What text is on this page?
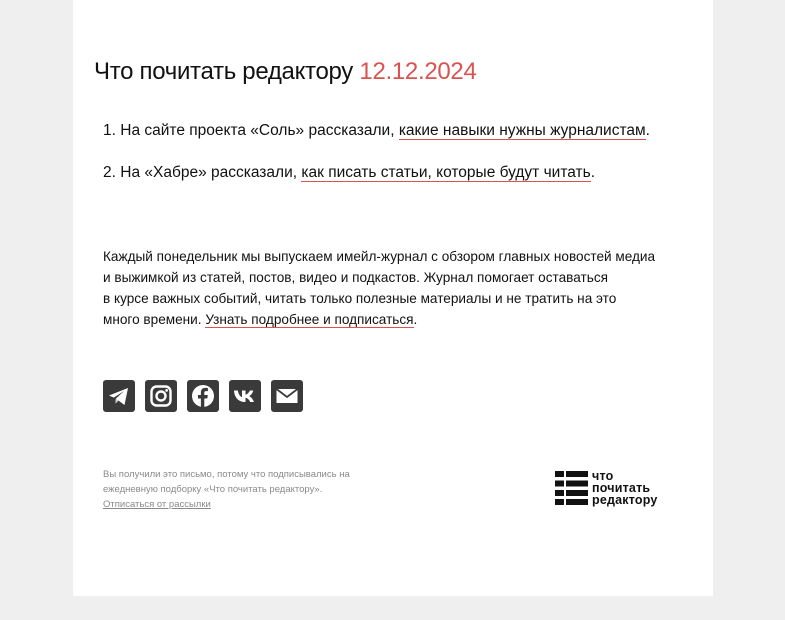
Что почитать редактору 12.12.2024
1. На сайте проекта «Соль» рассказали, какие навыки нужны журналистам.
2. На «Хабре» рассказали, как писать статьи, которые будут читать.

Каждый понедельник мы выпускаем имейл-журнал с обзором главных новостей медиа
и выжимкой из статей, постов, видео и подкастов. Журнал помогает оставаться
в курсе важных событий, читать только полезные материалы и не тратить на это
много времени. Узнать подробнее и подписаться.

Вы получили это письмо, потому что подписывались на
ежедневную подборку «Что почитать редактору».
Отписаться от рассылки

что
почитать
редактору
